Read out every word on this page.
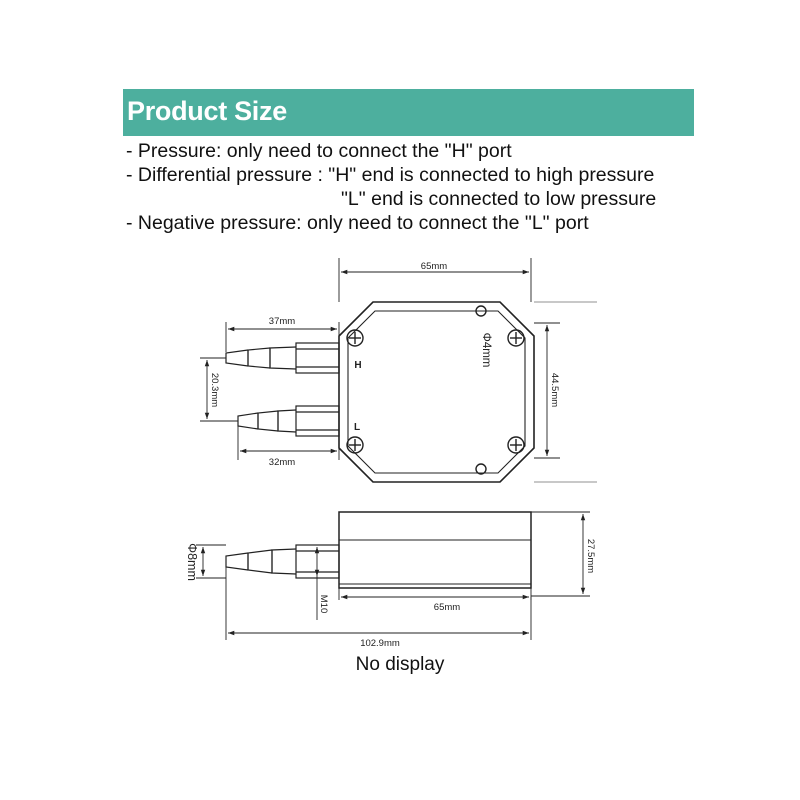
Product Size
- Pressure: only need to connect the "H" port
- Differential pressure : "H" end is connected to high pressure
"L" end is connected to low pressure
- Negative pressure: only need to connect the "L" port
65mm
44.5mm
37mm
32mm
20.3mm
Φ4mm
H
L
Φ8mm
M10	65mm
102.9mm
27.5mm
No display
